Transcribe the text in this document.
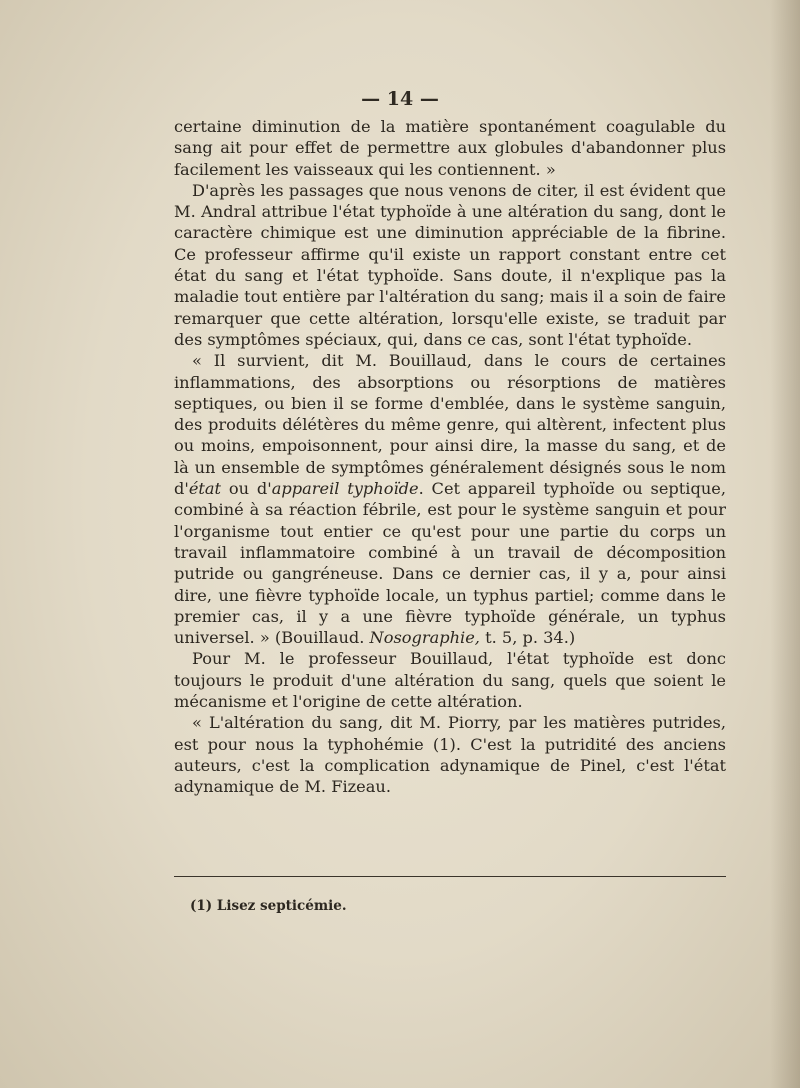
— 14 —

certaine diminution de la matière spontanément coagulable du sang ait pour effet de permettre aux globules d'abandonner plus facilement les vaisseaux qui les contiennent. »

D'après les passages que nous venons de citer, il est évident que M. Andral attribue l'état typhoïde à une altération du sang, dont le caractère chimique est une diminution appréciable de la fibrine. Ce professeur affirme qu'il existe un rapport constant entre cet état du sang et l'état typhoïde. Sans doute, il n'explique pas la maladie tout entière par l'altération du sang; mais il a soin de faire remarquer que cette altération, lorsqu'elle existe, se traduit par des symptômes spéciaux, qui, dans ce cas, sont l'état typhoïde.

« Il survient, dit M. Bouillaud, dans le cours de certaines inflammations, des absorptions ou résorptions de matières septiques, ou bien il se forme d'emblée, dans le système sanguin, des produits délétères du même genre, qui altèrent, infectent plus ou moins, empoisonnent, pour ainsi dire, la masse du sang, et de là un ensemble de symptômes généralement désignés sous le nom d'état ou d'appareil typhoïde. Cet appareil typhoïde ou septique, combiné à sa réaction fébrile, est pour le système sanguin et pour l'organisme tout entier ce qu'est pour une partie du corps un travail inflammatoire combiné à un travail de décomposition putride ou gangréneuse. Dans ce dernier cas, il y a, pour ainsi dire, une fièvre typhoïde locale, un typhus partiel; comme dans le premier cas, il y a une fièvre typhoïde générale, un typhus universel. » (Bouillaud. Nosographie, t. 5, p. 34.)

Pour M. le professeur Bouillaud, l'état typhoïde est donc toujours le produit d'une altération du sang, quels que soient le mécanisme et l'origine de cette altération.

« L'altération du sang, dit M. Piorry, par les matières putrides, est pour nous la typhohémie (1). C'est la putridité des anciens auteurs, c'est la complication adynamique de Pinel, c'est l'état adynamique de M. Fizeau.

(1) Lisez septicémie.
